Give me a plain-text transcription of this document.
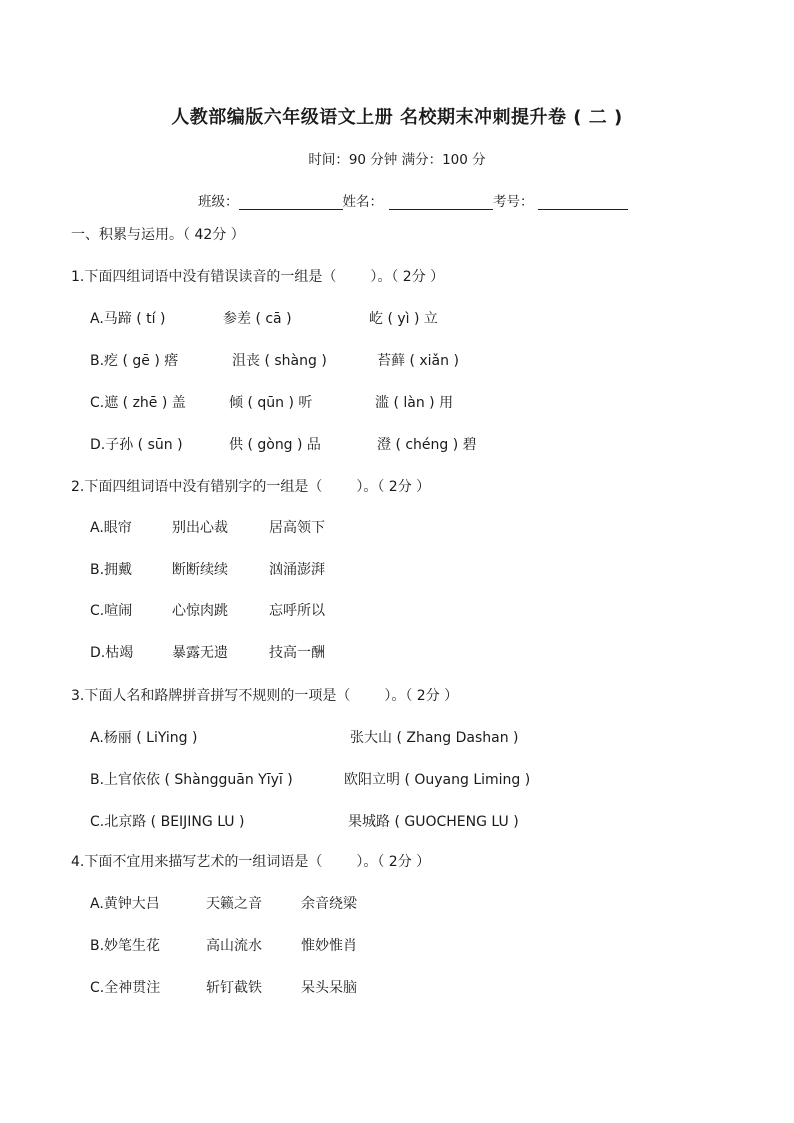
人教部编版六年级语文上册 名校期末冲刺提升卷 ( 二 )
时间：90 分钟 满分：100 分
班级：	姓名：	考号：
一、积累与运用。（ 42分 ）
1.下面四组词语中没有错误读音的一组是（ ）。（ 2分 ）
A.马蹄 ( tí )	参差 ( cā )	屹 ( yì ) 立
B.疙 ( gē ) 瘩	沮丧 ( shàng )	苔藓 ( xiǎn )
C.遮 ( zhē ) 盖	倾 ( qūn ) 听	滥 ( làn ) 用
D.子孙 ( sūn )	供 ( gòng ) 品	澄 ( chéng ) 碧
2.下面四组词语中没有错别字的一组是（ ）。（ 2分 ）
A.眼帘	别出心裁	居高领下
B.拥戴	断断续续	汹涌澎湃
C.喧闹	心惊肉跳	忘呼所以
D.枯竭	暴露无遗	技高一酬
3.下面人名和路牌拼音拼写不规则的一项是（ ）。（ 2分 ）
A.杨丽 ( LiYing )	张大山 ( Zhang Dashan )
B.上官依依 ( Shàngguān Yīyī )	欧阳立明 ( Ouyang Liming )
C.北京路 ( BEIJING LU )	果城路 ( GUOCHENG LU )
4.下面不宜用来描写艺术的一组词语是（ ）。（ 2分 ）
A.黄钟大吕	天籁之音	余音绕梁
B.妙笔生花	高山流水	惟妙惟肖
C.全神贯注	斩钉截铁	呆头呆脑
